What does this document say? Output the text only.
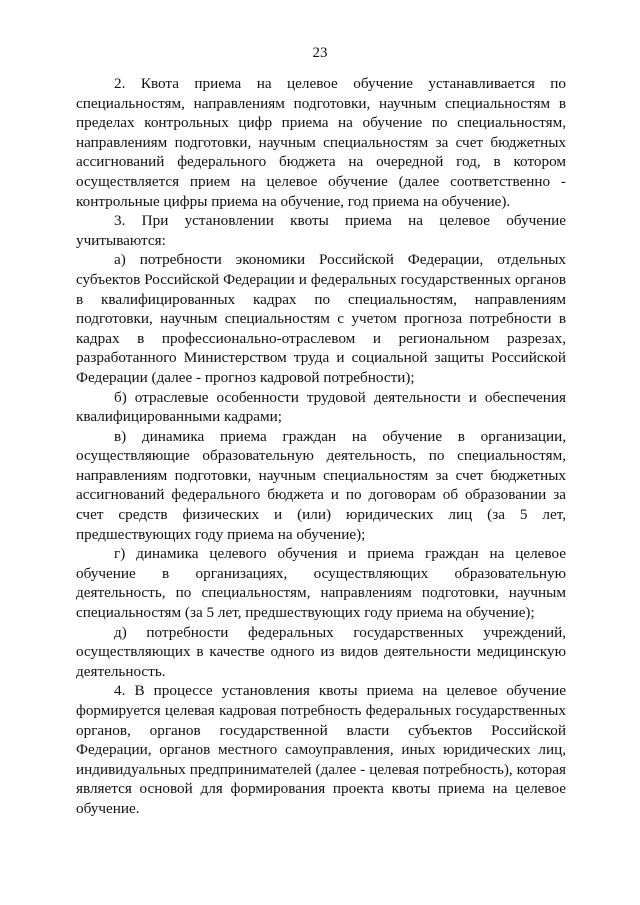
23

2. Квота приема на целевое обучение устанавливается по специальностям, направлениям подготовки, научным специальностям в пределах контрольных цифр приема на обучение по специальностям, направлениям подготовки, научным специальностям за счет бюджетных ассигнований федерального бюджета на очередной год, в котором осуществляется прием на целевое обучение (далее соответственно - контрольные цифры приема на обучение, год приема на обучение).

3. При установлении квоты приема на целевое обучение учитываются:

а) потребности экономики Российской Федерации, отдельных субъектов Российской Федерации и федеральных государственных органов в квалифицированных кадрах по специальностям, направлениям подготовки, научным специальностям с учетом прогноза потребности в кадрах в профессионально-отраслевом и региональном разрезах, разработанного Министерством труда и социальной защиты Российской Федерации (далее - прогноз кадровой потребности);

б) отраслевые особенности трудовой деятельности и обеспечения квалифицированными кадрами;

в) динамика приема граждан на обучение в организации, осуществляющие образовательную деятельность, по специальностям, направлениям подготовки, научным специальностям за счет бюджетных ассигнований федерального бюджета и по договорам об образовании за счет средств физических и (или) юридических лиц (за 5 лет, предшествующих году приема на обучение);

г) динамика целевого обучения и приема граждан на целевое обучение в организациях, осуществляющих образовательную деятельность, по специальностям, направлениям подготовки, научным специальностям (за 5 лет, предшествующих году приема на обучение);

д) потребности федеральных государственных учреждений, осуществляющих в качестве одного из видов деятельности медицинскую деятельность.

4. В процессе установления квоты приема на целевое обучение формируется целевая кадровая потребность федеральных государственных органов, органов государственной власти субъектов Российской Федерации, органов местного самоуправления, иных юридических лиц, индивидуальных предпринимателей (далее - целевая потребность), которая является основой для формирования проекта квоты приема на целевое обучение.
